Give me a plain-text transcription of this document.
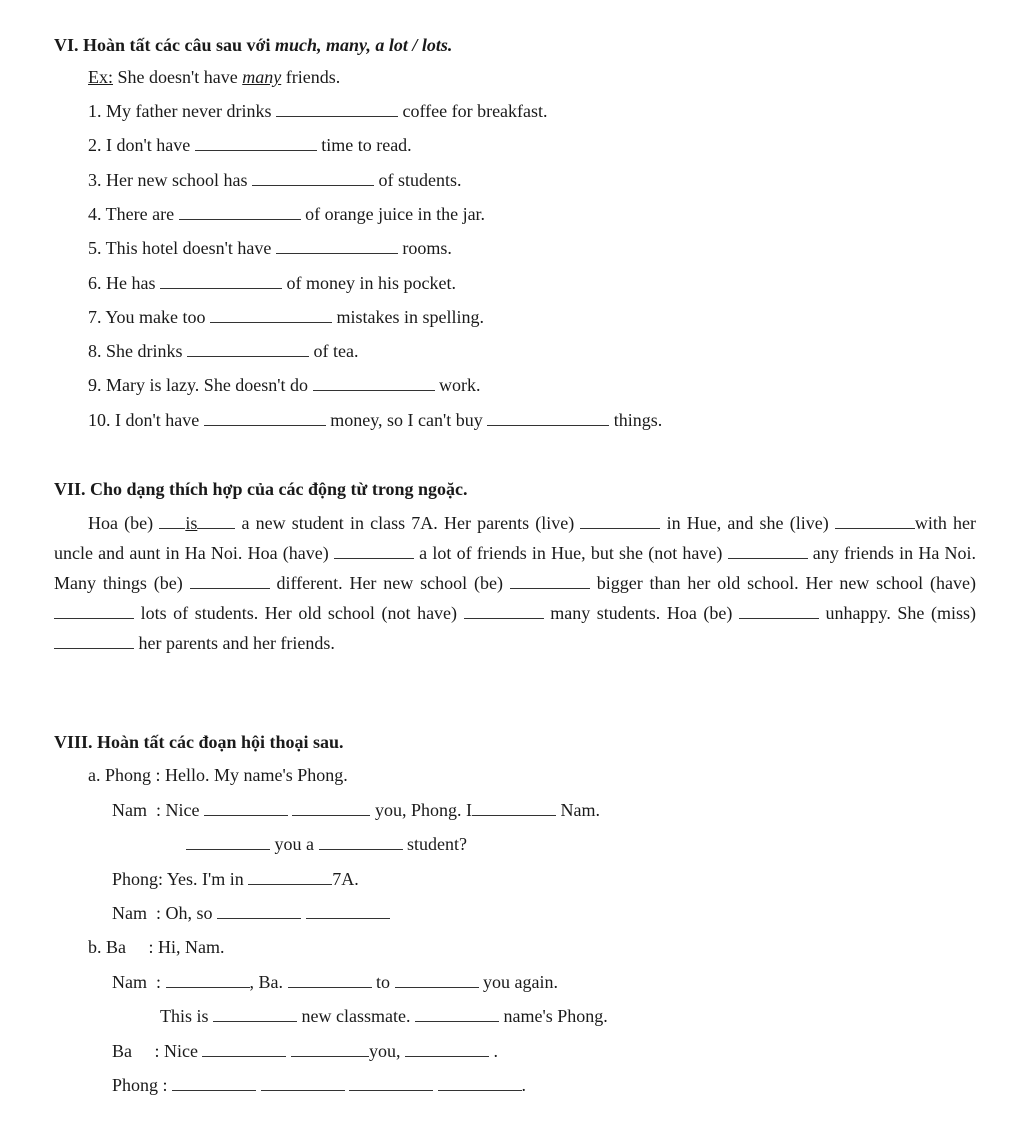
VI. Hoàn tất các câu sau với much, many, a lot / lots.
Ex: She doesn't have many friends.
1. My father never drinks	coffee for breakfast.
2. I don't have	time to read.
3. Her new school has	of students.
4. There are	of orange juice in the jar.
5. This hotel doesn't have	rooms.
6. He has	of money in his pocket.
7. You make too	mistakes in spelling.
8. She drinks	of tea.
9. Mary is lazy. She doesn't do	work.
10. I don't have	money, so I can't buy	things.
VII. Cho dạng thích hợp của các động từ trong ngoặc.

Hoa (be) is a new student in class 7A. Her parents (live)	in Hue, and she (live)	with her uncle and aunt in Ha Noi. Hoa (have)	a lot of friends in Hue, but she (not have)	any friends in Ha Noi. Many things (be)	different. Her new school (be)	bigger than her old school. Her new school (have)  lots of students. Her old school (not have)	many students. Hoa (be)	unhappy. She (miss)  her parents and her friends.

VIII. Hoàn tất các đoạn hội thoại sau.
a. Phong : Hello. My name's Phong.
Nam  : Nice	you, Phong. I	Nam.
you a	student?
Phong: Yes. I'm in	7A.
Nam  : Oh, so
b. Ba     : Hi, Nam.
Nam  :	, Ba.	to	you again.
This is	new classmate.	name's Phong.
Ba     : Nice	you,	.
Phong :	.
